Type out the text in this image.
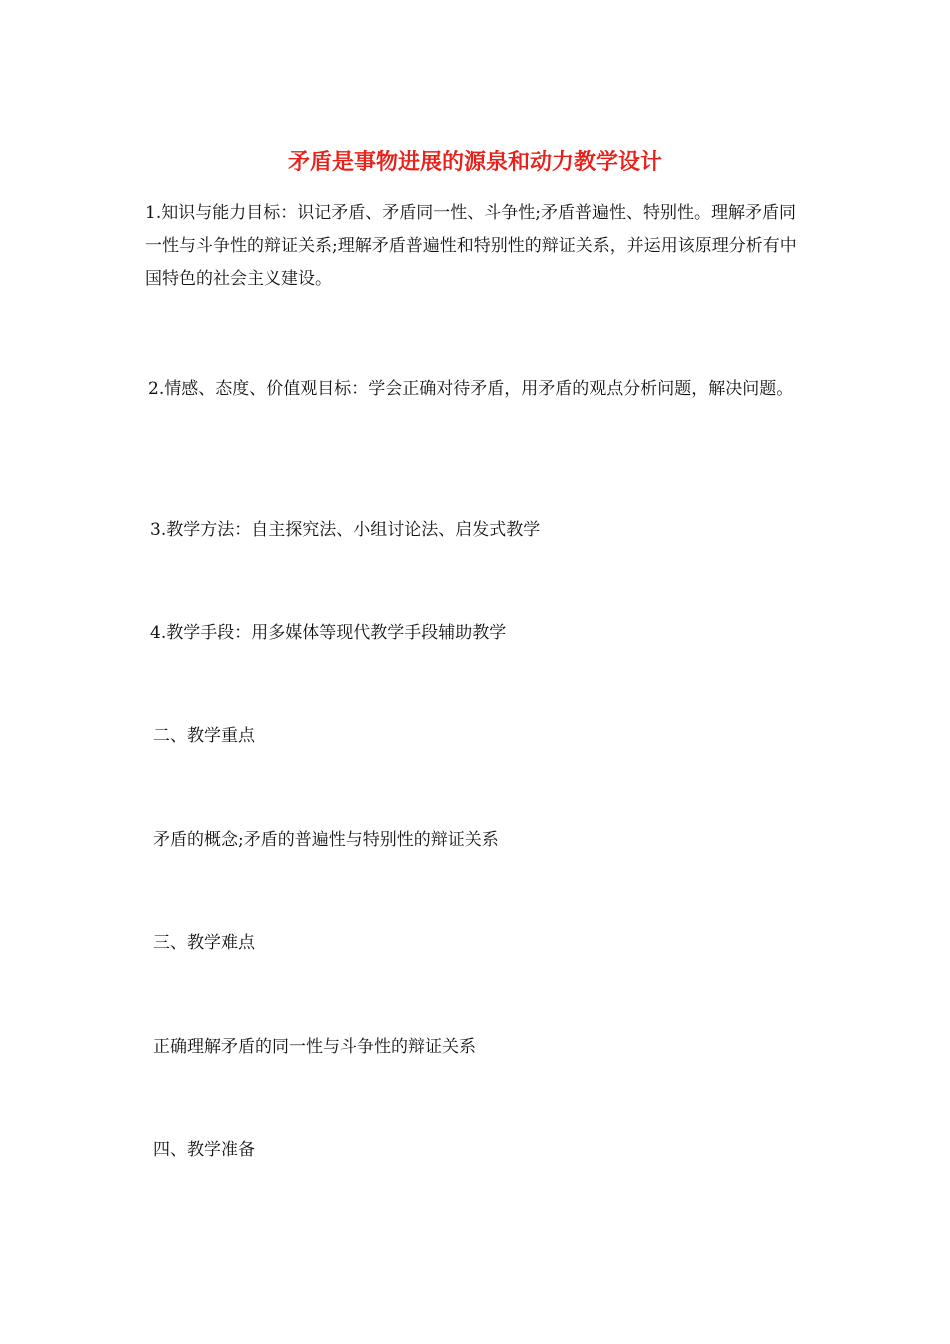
矛盾是事物进展的源泉和动力教学设计

1.知识与能力目标：识记矛盾、矛盾同一性、斗争性;矛盾普遍性、特别性。理解矛盾同一性与斗争性的辩证关系;理解矛盾普遍性和特别性的辩证关系，并运用该原理分析有中国特色的社会主义建设。

2.情感、态度、价值观目标：学会正确对待矛盾，用矛盾的观点分析问题，解决问题。

3.教学方法：自主探究法、小组讨论法、启发式教学

4.教学手段：用多媒体等现代教学手段辅助教学

二、教学重点

矛盾的概念;矛盾的普遍性与特别性的辩证关系

三、教学难点

正确理解矛盾的同一性与斗争性的辩证关系

四、教学准备
